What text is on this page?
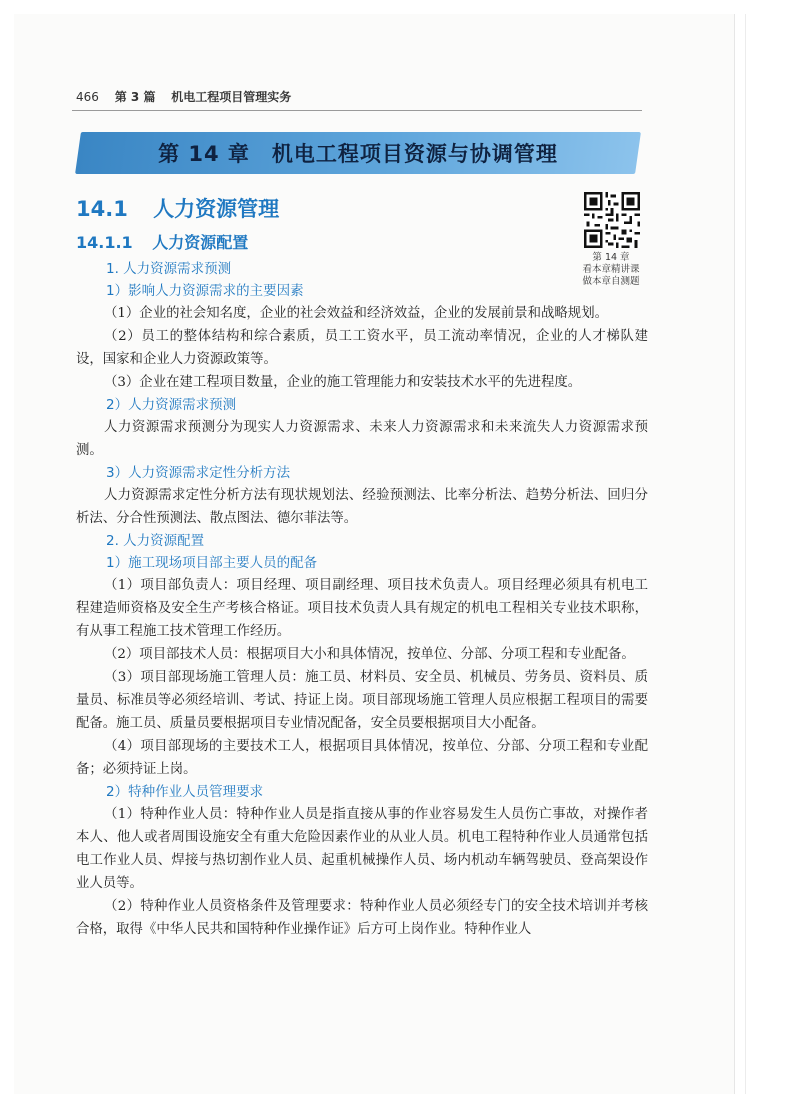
466 第 3 篇 机电工程项目管理实务
第 14 章 机电工程项目资源与协调管理
14.1 人力资源管理
14.1.1 人力资源配置
第 14 章
看本章精讲课
做本章自测题
1. 人力资源需求预测
1）影响人力资源需求的主要因素
（1）企业的社会知名度，企业的社会效益和经济效益，企业的发展前景和战略规划。
（2）员工的整体结构和综合素质，员工工资水平，员工流动率情况，企业的人才梯队建设，国家和企业人力资源政策等。
（3）企业在建工程项目数量，企业的施工管理能力和安装技术水平的先进程度。
2）人力资源需求预测
人力资源需求预测分为现实人力资源需求、未来人力资源需求和未来流失人力资源需求预测。
3）人力资源需求定性分析方法
人力资源需求定性分析方法有现状规划法、经验预测法、比率分析法、趋势分析法、回归分析法、分合性预测法、散点图法、德尔菲法等。
2. 人力资源配置
1）施工现场项目部主要人员的配备
（1）项目部负责人：项目经理、项目副经理、项目技术负责人。项目经理必须具有机电工程建造师资格及安全生产考核合格证。项目技术负责人具有规定的机电工程相关专业技术职称，有从事工程施工技术管理工作经历。
（2）项目部技术人员：根据项目大小和具体情况，按单位、分部、分项工程和专业配备。
（3）项目部现场施工管理人员：施工员、材料员、安全员、机械员、劳务员、资料员、质量员、标准员等必须经培训、考试、持证上岗。项目部现场施工管理人员应根据工程项目的需要配备。施工员、质量员要根据项目专业情况配备，安全员要根据项目大小配备。
（4）项目部现场的主要技术工人，根据项目具体情况，按单位、分部、分项工程和专业配备；必须持证上岗。
2）特种作业人员管理要求
（1）特种作业人员：特种作业人员是指直接从事的作业容易发生人员伤亡事故，对操作者本人、他人或者周围设施安全有重大危险因素作业的从业人员。机电工程特种作业人员通常包括电工作业人员、焊接与热切割作业人员、起重机械操作人员、场内机动车辆驾驶员、登高架设作业人员等。
（2）特种作业人员资格条件及管理要求：特种作业人员必须经专门的安全技术培训并考核合格，取得《中华人民共和国特种作业操作证》后方可上岗作业。特种作业人
